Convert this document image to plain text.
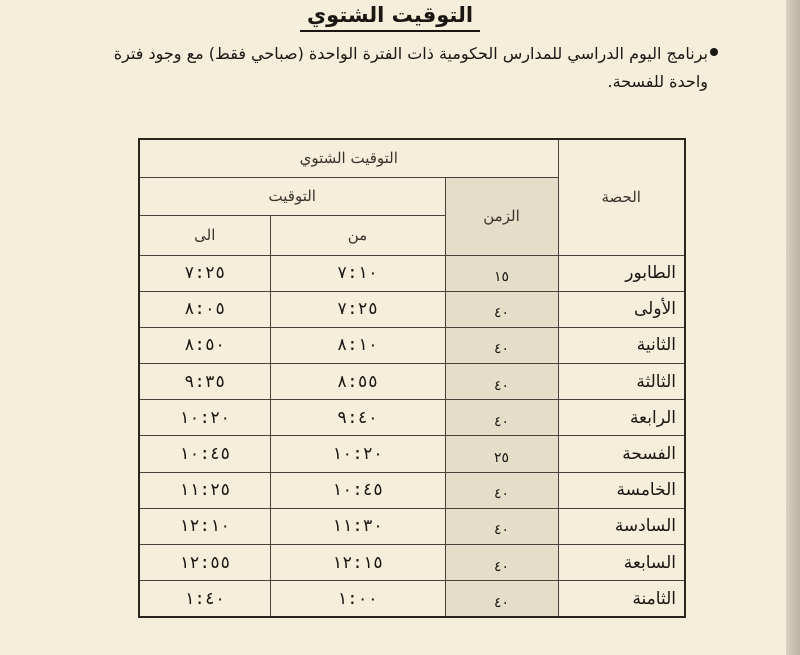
التوقيت الشتوي
برنامج اليوم الدراسي للمدارس الحكومية ذات الفترة الواحدة (صباحي فقط) مع وجود فترة واحدة للفسحة.
الحصة	التوقيت الشتوي		
	الزمن	التوقيت	
		من	الى
الطابور	١٥	٧:١٠	٧:٢٥
الأولى	٤٠	٧:٢٥	٨:٠٥
الثانية	٤٠	٨:١٠	٨:٥٠
الثالثة	٤٠	٨:٥٥	٩:٣٥
الرابعة	٤٠	٩:٤٠	١٠:٢٠
الفسحة	٢٥	١٠:٢٠	١٠:٤٥
الخامسة	٤٠	١٠:٤٥	١١:٢٥
السادسة	٤٠	١١:٣٠	١٢:١٠
السابعة	٤٠	١٢:١٥	١٢:٥٥
الثامنة	٤٠	١:٠٠	١:٤٠
